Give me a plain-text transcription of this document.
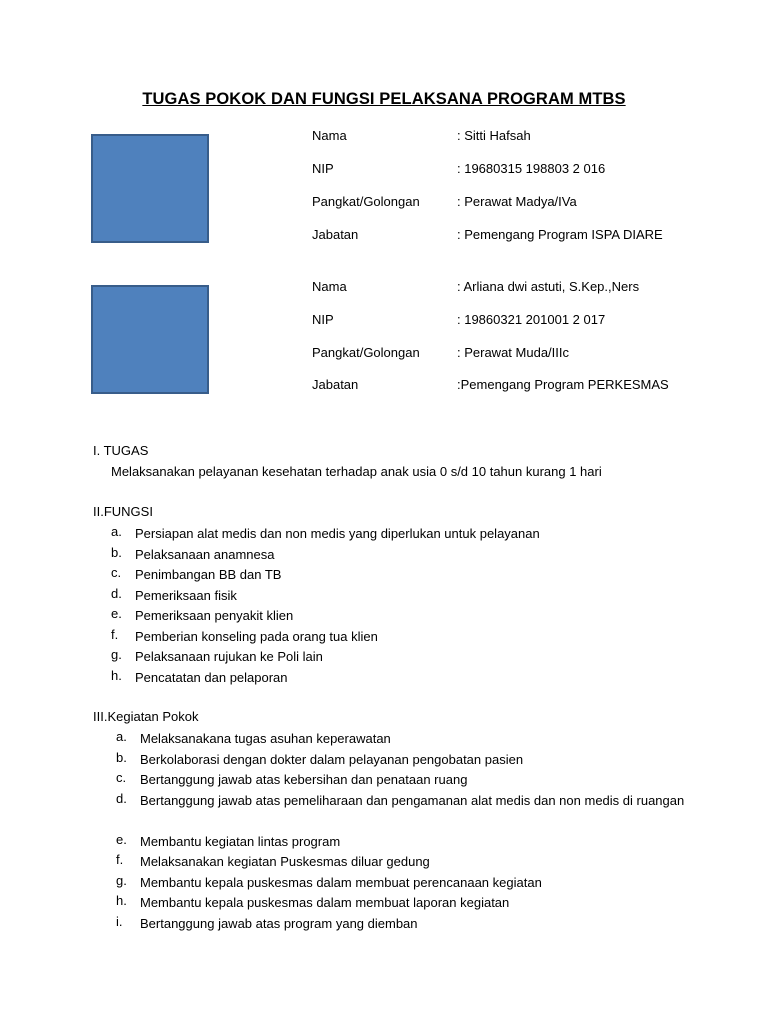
TUGAS POKOK DAN FUNGSI PELAKSANA PROGRAM MTBS
Nama	: Sitti Hafsah
NIP	: 19680315 198803 2 016
Pangkat/Golongan	: Perawat Madya/IVa
Jabatan	: Pemengang Program ISPA DIARE
Nama	: Arliana dwi astuti, S.Kep.,Ners
NIP	: 19860321 201001 2 017
Pangkat/Golongan	: Perawat Muda/IIIc
Jabatan	:Pemengang Program PERKESMAS
I. TUGAS
Melaksanakan pelayanan kesehatan terhadap anak usia 0 s/d 10 tahun kurang 1 hari
II.FUNGSI
a. Persiapan alat medis dan non medis yang diperlukan untuk pelayanan
b. Pelaksanaan anamnesa
c. Penimbangan BB dan TB
d. Pemeriksaan fisik
e. Pemeriksaan penyakit klien
f. Pemberian konseling pada orang tua klien
g. Pelaksanaan rujukan ke Poli lain
h. Pencatatan dan pelaporan
III.Kegiatan Pokok
a. Melaksanakana tugas asuhan keperawatan
b. Berkolaborasi dengan dokter dalam pelayanan pengobatan pasien
c. Bertanggung jawab atas kebersihan dan penataan ruang
d. Bertanggung jawab atas pemeliharaan dan pengamanan alat medis dan non medis di ruangan
e. Membantu kegiatan lintas program
f. Melaksanakan kegiatan Puskesmas diluar gedung
g. Membantu kepala puskesmas dalam membuat perencanaan kegiatan
h. Membantu kepala puskesmas dalam membuat laporan kegiatan
i. Bertanggung jawab atas program yang diemban
